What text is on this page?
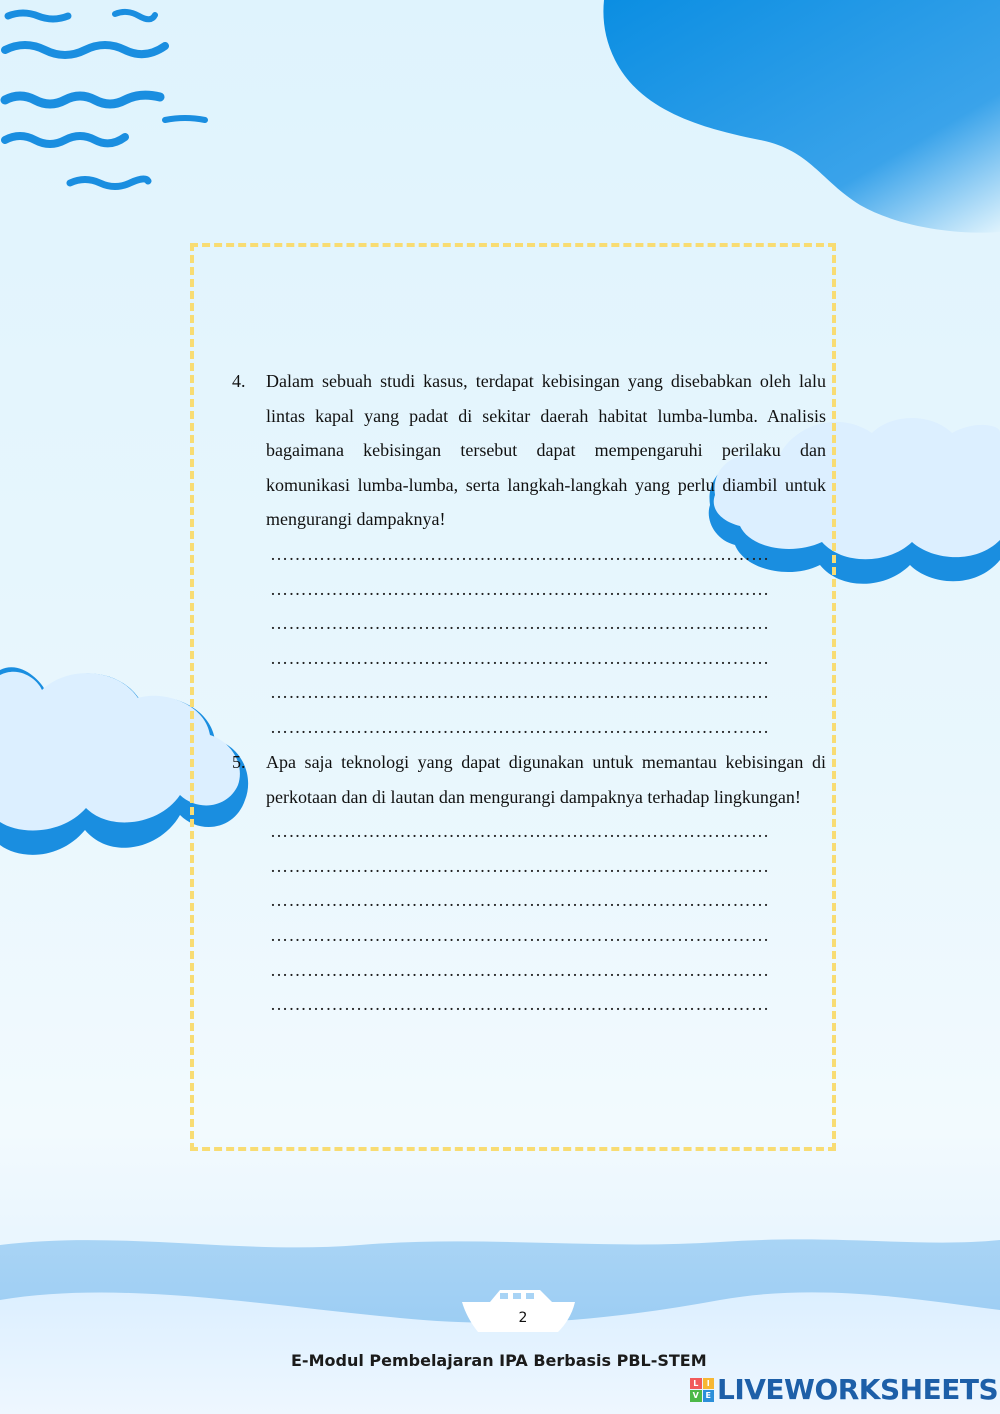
4.	Dalam sebuah studi kasus, terdapat kebisingan yang disebabkan oleh lalu lintas kapal yang padat di sekitar daerah habitat lumba-lumba. Analisis bagaimana kebisingan tersebut dapat mempengaruhi perilaku dan komunikasi lumba-lumba, serta langkah-langkah yang perlu diambil untuk mengurangi dampaknya!
………………………………………………………………………
………………………………………………………………………
………………………………………………………………………
………………………………………………………………………
………………………………………………………………………
………………………………………………………………………
5.	Apa saja teknologi yang dapat digunakan untuk memantau kebisingan di perkotaan dan di lautan dan mengurangi dampaknya terhadap lingkungan!
………………………………………………………………………
………………………………………………………………………
………………………………………………………………………
………………………………………………………………………
………………………………………………………………………
………………………………………………………………………
2
E-Modul Pembelajaran IPA Berbasis PBL-STEM
L	I
V E LIVEWORKSHEETS
